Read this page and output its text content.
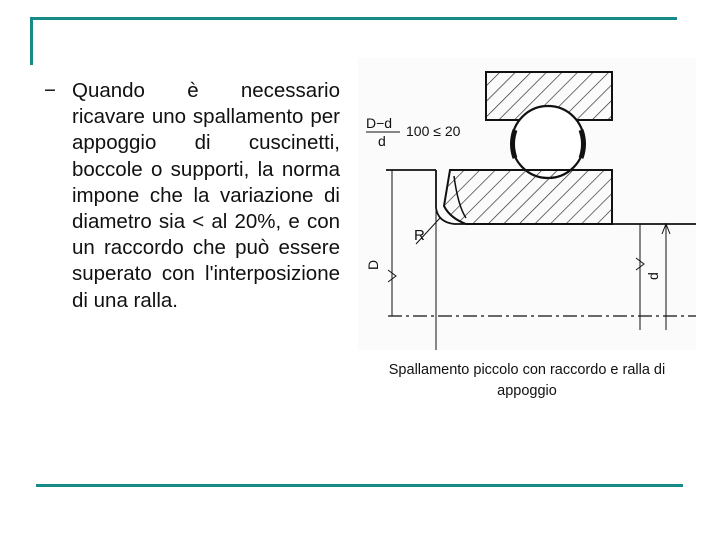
− Quando è necessario ricavare uno spallamento per appoggio di cuscinetti, boccole o supporti, la norma impone che la variazione di diametro sia < al 20%, e con un raccordo che può essere superato con l'interposizione di una ralla.
D−d
d
100 ≤ 20
R
D
d
Spallamento piccolo con raccordo e ralla di appoggio
